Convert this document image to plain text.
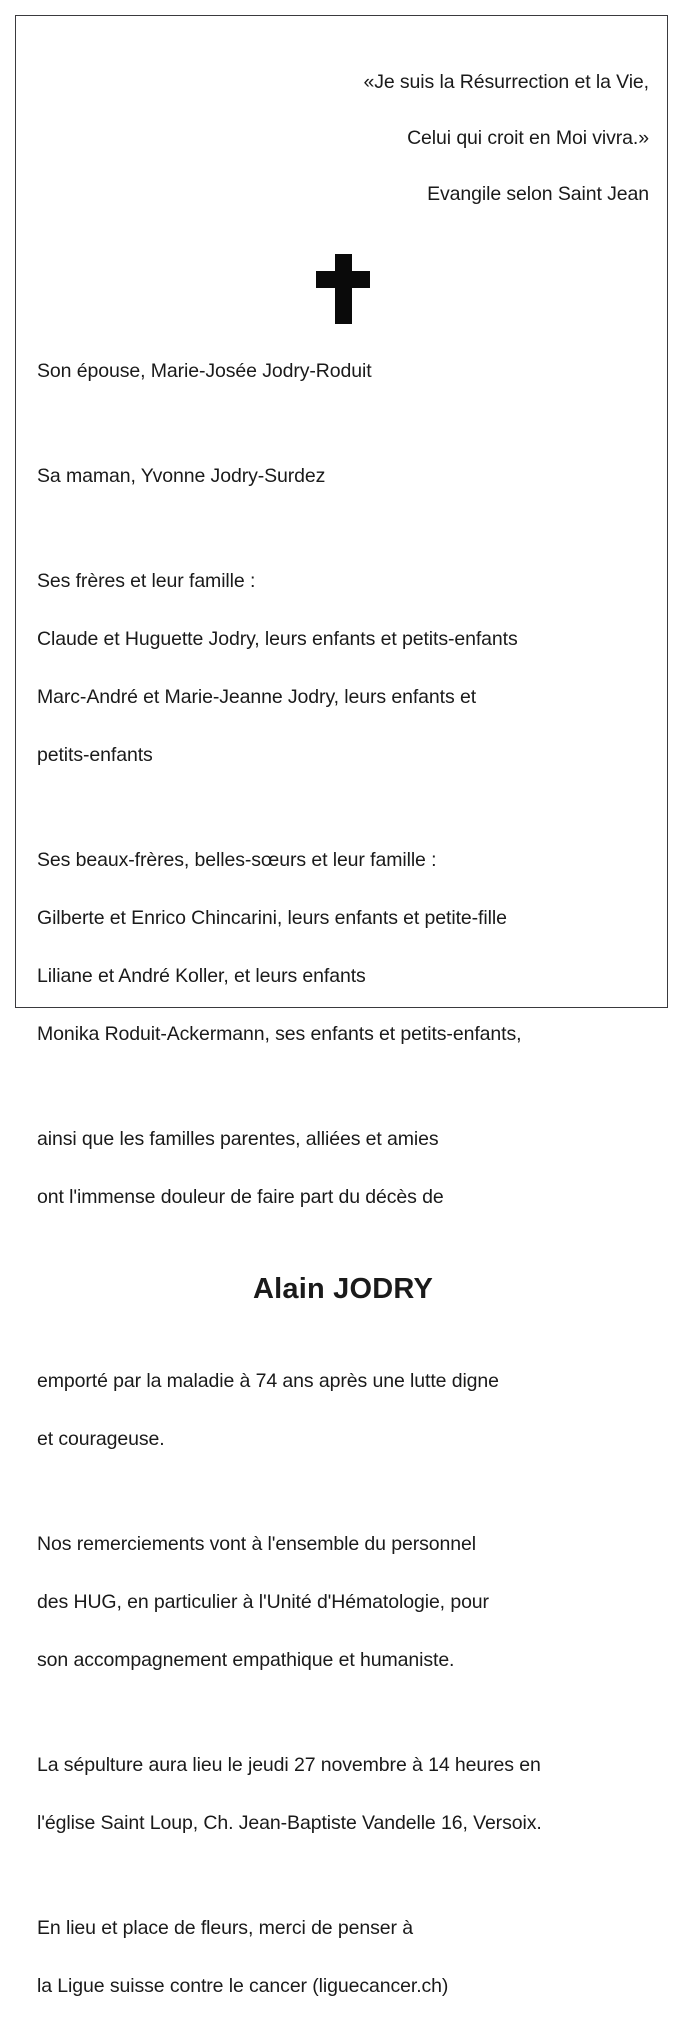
«Je suis la Résurrection et la Vie,

Celui qui croit en Moi vivra.»

Evangile selon Saint Jean

Son épouse, Marie-Josée Jodry-Roduit

Sa maman, Yvonne Jodry-Surdez

Ses frères et leur famille :

Claude et Huguette Jodry, leurs enfants et petits-enfants

Marc-André et Marie-Jeanne Jodry, leurs enfants et

petits-enfants

Ses beaux-frères, belles-sœurs et leur famille :

Gilberte et Enrico Chincarini, leurs enfants et petite-fille

Liliane et André Koller, et leurs enfants

Monika Roduit-Ackermann, ses enfants et petits-enfants,

ainsi que les familles parentes, alliées et amies

ont l'immense douleur de faire part du décès de

Alain JODRY

emporté par la maladie à 74 ans après une lutte digne

et courageuse.

Nos remerciements vont à l'ensemble du personnel

des HUG, en particulier à l'Unité d'Hématologie, pour

son accompagnement empathique et humaniste.

La sépulture aura lieu le jeudi 27 novembre à 14 heures en

l'église Saint Loup, Ch. Jean-Baptiste Vandelle 16, Versoix.

En lieu et place de fleurs, merci de penser à

la Ligue suisse contre le cancer (liguecancer.ch)
